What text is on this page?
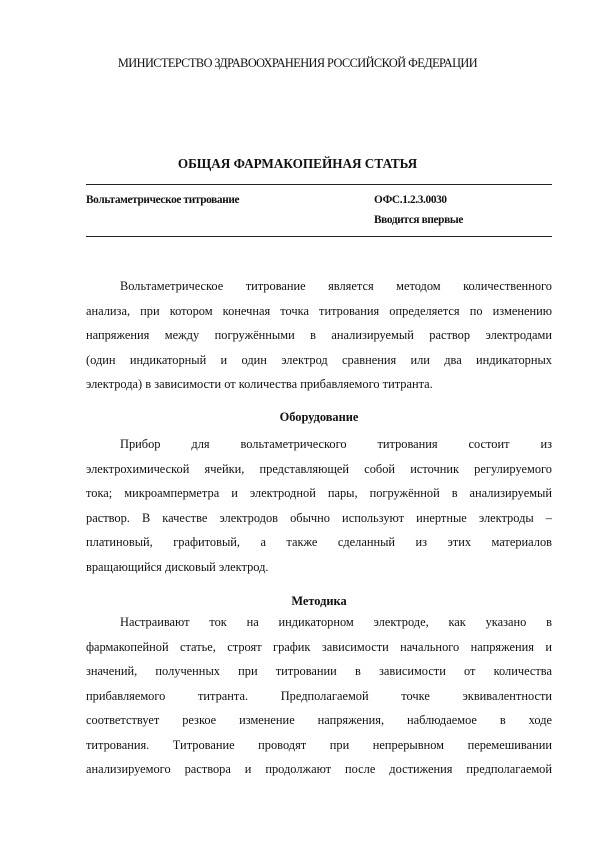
МИНИСТЕРСТВО ЗДРАВООХРАНЕНИЯ РОССИЙСКОЙ ФЕДЕРАЦИИ
ОБЩАЯ ФАРМАКОПЕЙНАЯ СТАТЬЯ
Вольтаметрическое титрование	ОФС.1.2.3.0030
Вводится впервые
Вольтаметрическое титрование является методом количественного
анализа, при котором конечная точка титрования определяется по изменению
напряжения между погружёнными в анализируемый раствор электродами
(один индикаторный и один электрод сравнения или два индикаторных
электрода) в зависимости от количества прибавляемого титранта.
Оборудование
Прибор для вольтаметрического титрования состоит из
электрохимической ячейки, представляющей собой источник регулируемого
тока; микроамперметра и электродной пары, погружённой в анализируемый
раствор. В качестве электродов обычно используют инертные электроды –
платиновый, графитовый, а также сделанный из этих материалов
вращающийся дисковый электрод.
Методика
Настраивают ток на индикаторном электроде, как указано в
фармакопейной статье, строят график зависимости начального напряжения и
значений, полученных при титровании в зависимости от количества
прибавляемого титранта. Предполагаемой точке эквивалентности
соответствует резкое изменение напряжения, наблюдаемое в ходе
титрования. Титрование проводят при непрерывном перемешивании
анализируемого раствора и продолжают после достижения предполагаемой
